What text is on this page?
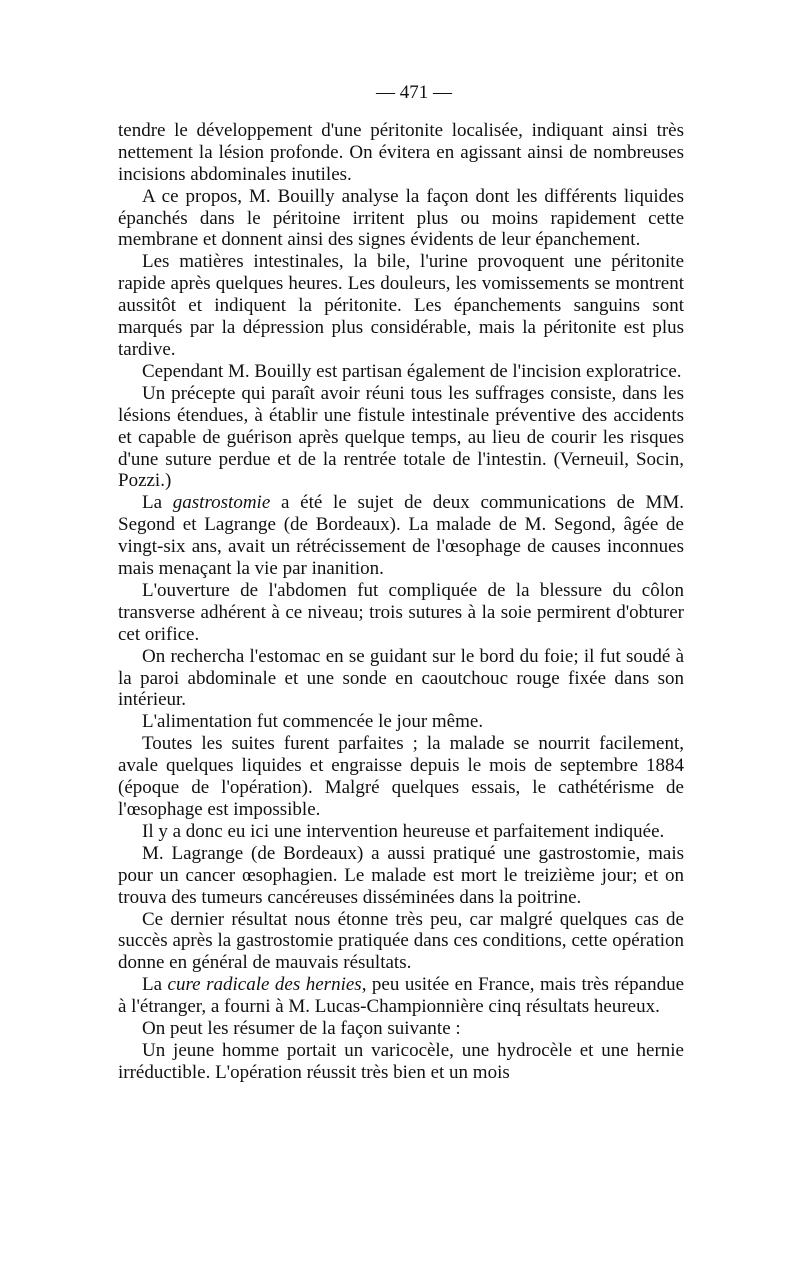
— 471 —

tendre le développement d'une péritonite localisée, indiquant ainsi très nettement la lésion profonde. On évitera en agissant ainsi de nombreuses incisions abdominales inutiles.

A ce propos, M. Bouilly analyse la façon dont les différents liquides épanchés dans le péritoine irritent plus ou moins rapidement cette membrane et donnent ainsi des signes évidents de leur épanchement.

Les matières intestinales, la bile, l'urine provoquent une péritonite rapide après quelques heures. Les douleurs, les vomissements se montrent aussitôt et indiquent la péritonite. Les épanchements sanguins sont marqués par la dépression plus considérable, mais la péritonite est plus tardive.

Cependant M. Bouilly est partisan également de l'incision exploratrice.

Un précepte qui paraît avoir réuni tous les suffrages consiste, dans les lésions étendues, à établir une fistule intestinale préventive des accidents et capable de guérison après quelque temps, au lieu de courir les risques d'une suture perdue et de la rentrée totale de l'intestin. (Verneuil, Socin, Pozzi.)

La gastrostomie a été le sujet de deux communications de MM. Segond et Lagrange (de Bordeaux). La malade de M. Segond, âgée de vingt-six ans, avait un rétrécissement de l'œsophage de causes inconnues mais menaçant la vie par inanition.

L'ouverture de l'abdomen fut compliquée de la blessure du côlon transverse adhérent à ce niveau; trois sutures à la soie permirent d'obturer cet orifice.

On rechercha l'estomac en se guidant sur le bord du foie; il fut soudé à la paroi abdominale et une sonde en caoutchouc rouge fixée dans son intérieur.

L'alimentation fut commencée le jour même.

Toutes les suites furent parfaites ; la malade se nourrit facilement, avale quelques liquides et engraisse depuis le mois de septembre 1884 (époque de l'opération). Malgré quelques essais, le cathétérisme de l'œsophage est impossible.

Il y a donc eu ici une intervention heureuse et parfaitement indiquée.

M. Lagrange (de Bordeaux) a aussi pratiqué une gastrostomie, mais pour un cancer œsophagien. Le malade est mort le treizième jour; et on trouva des tumeurs cancéreuses disséminées dans la poitrine.

Ce dernier résultat nous étonne très peu, car malgré quelques cas de succès après la gastrostomie pratiquée dans ces conditions, cette opération donne en général de mauvais résultats.

La cure radicale des hernies, peu usitée en France, mais très répandue à l'étranger, a fourni à M. Lucas-Championnière cinq résultats heureux.

On peut les résumer de la façon suivante :

Un jeune homme portait un varicocèle, une hydrocèle et une hernie irréductible. L'opération réussit très bien et un mois
